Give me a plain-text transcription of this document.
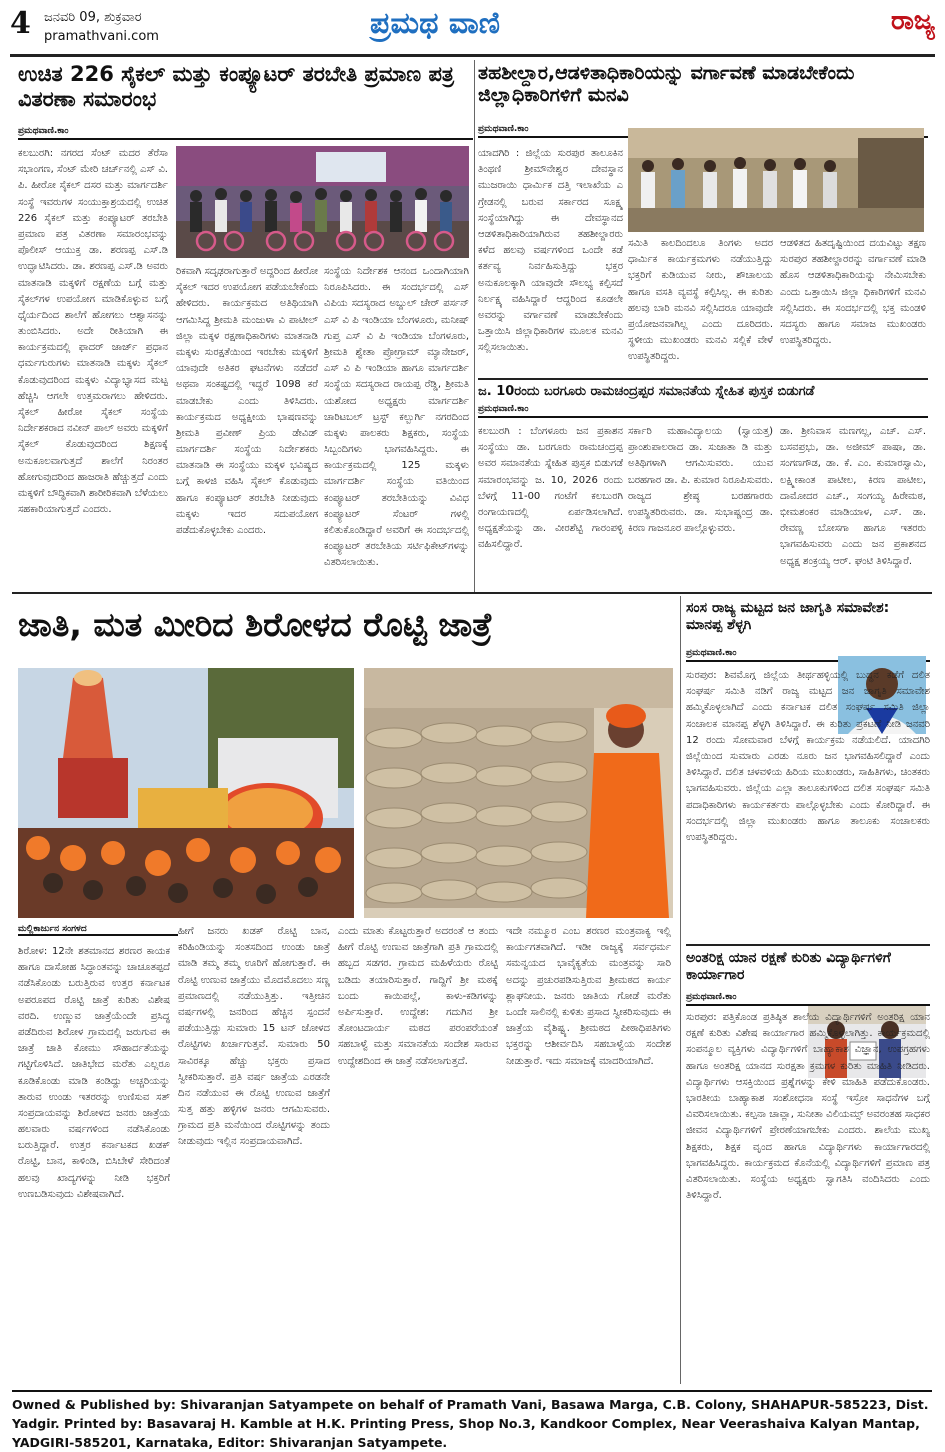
4 ಜನವರಿ 09, ಶುಕ್ರವಾರ
pramathvani.com	ಪ್ರಮಥ ವಾಣಿ	ರಾಜ್ಯ
ಉಚಿತ 226 ಸೈಕಲ್ ಮತ್ತು ಕಂಪ್ಯೂಟರ್ ತರಬೇತಿ ಪ್ರಮಾಣ ಪತ್ರ ವಿತರಣಾ ಸಮಾರಂಭ
ಪ್ರಮಥವಾಣಿ.ಕಾಂ
ಕಲಬುರಗಿ: ನಗರದ ಸೆಂಟ್ ಮದರ ತೆರೆಸಾ ಸಭಾಂಗಣ, ಸೆಂಟ್ ಮೇರಿ ಚರ್ಚ್‌ನಲ್ಲಿ ಎಸ್ ವಿ. ಪಿ. ಹೀರೋ ಸೈಕಲ್ ದಸರ ಮತ್ತು ಮಾರ್ಗದರ್ಶಿ ಸಂಸ್ಥೆ ಇವರುಗಳ ಸಂಯುಕ್ತಾಶ್ರಯದಲ್ಲಿ ಉಚಿತ 226 ಸೈಕಲ್ ಮತ್ತು ಕಂಪ್ಯೂಟರ್ ತರಬೇತಿ ಪ್ರಮಾಣ ಪತ್ರ ವಿತರಣಾ ಸಮಾರಂಭವನ್ನು ಪೊಲೀಸ್ ಆಯುಕ್ತ ಡಾ. ಶರಣಪ್ಪ ಎಸ್.ಡಿ ಉದ್ಘಾಟಿಸಿದರು. ಡಾ. ಶರಣಪ್ಪ ಎಸ್.ಡಿ ಅವರು ಮಾತನಾಡಿ ಮಕ್ಕಳಿಗೆ ರಕ್ಷಣೆಯ ಬಗ್ಗೆ ಮತ್ತು ಸೈಕಲ್‌ಗಳ ಉಪಯೋಗ ಮಾಡಿಕೊಳ್ಳುವ ಬಗ್ಗೆ ಧೈರ್ಯದಿಂದ ಶಾಲೆಗೆ ಹೋಗಲು ಆಶ್ವಾಸನನ್ನು ತುಂಬಿಸಿದರು. ಅದೇ ರೀತಿಯಾಗಿ ಈ ಕಾರ್ಯಕ್ರಮದಲ್ಲಿ ಫಾದರ್ ಜಾರ್ಜ್ ಪ್ರಧಾನ ಧರ್ಮಗುರುಗಳು ಮಾತನಾಡಿ ಮಕ್ಕಳು ಸೈಕಲ್ ಕೊಡುವುದರಿಂದ ಮಕ್ಕಳು ವಿದ್ಯಾಭ್ಯಾಸದ ಮಟ್ಟ ಹೆಚ್ಚಿಸಿ ಆಗಲೇ ಉತ್ತಮರಾಗಲು ಹೇಳಿದರು. ಸೈಕಲ್ ಹೀರೋ ಸೈಕಲ್ ಸಂಸ್ಥೆಯ ನಿರ್ದೇಶಕರಾದ ನವೀನ್ ಪಾಲ್ ಅವರು ಮಕ್ಕಳಿಗೆ ಸೈಕಲ್ ಕೊಡುವುದರಿಂದ ಶಿಕ್ಷಣಕ್ಕೆ ಅನುಕೂಲವಾಗುತ್ತದೆ ಶಾಲೆಗೆ ನಿರಂತರ ಹೋಗುವುದರಿಂದ ಹಾಜರಾತಿ ಹೆಚ್ಚುತ್ತದೆ ಎಂದು ಮಕ್ಕಳಿಗೆ ಬೌದ್ಧಿಕವಾಗಿ ಶಾರೀರಿಕವಾಗಿ ಬೆಳೆಯಲು ಸಹಕಾರಿಯಾಗುತ್ತದೆ ಎಂದರು.
ರಿಕವಾಗಿ ಸದೃಢರಾಗುತ್ತಾರೆ ಅದ್ದರಿಂದ ಹೀರೋ ಸೈಕಲ್ ಇದರ ಉಪಯೋಗ ಪಡೆಯಬೇಕೆಂದು ಹೇಳಿದರು. ಕಾರ್ಯಕ್ರಮದ ಅತಿಥಿಯಾಗಿ ಆಗಮಿಸಿದ್ದ ಶ್ರೀಮತಿ ಮಂಜುಳಾ ವಿ ಪಾಟೀಲ್ ಜಿಲ್ಲಾ ಮಕ್ಕಳ ರಕ್ಷಣಾಧಿಕಾರಿಗಳು ಮಾತನಾಡಿ ಮಕ್ಕಳು ಸುರಕ್ಷತೆಯಿಂದ ಇರಬೇಕು ಮಕ್ಕಳಿಗೆ ಯಾವುದೇ ಅತಿಕರ ಘಟನೆಗಳು ನಡೆದರೆ ಅಥವಾ ಸಂಕಷ್ಟದಲ್ಲಿ ಇದ್ದರೆ 1098 ಕರೆ ಮಾಡಬೇಕು ಎಂದು ತಿಳಿಸಿದರು. ಕಾರ್ಯಕ್ರಮದ ಅಧ್ಯಕ್ಷೀಯ ಭಾಷಣವನ್ನು ಶ್ರೀಮತಿ ಪ್ರವೀಣ್ ಪ್ರಿಯ ಡೇವಿಡ್ ಮಾರ್ಗದರ್ಶಿ ಸಂಸ್ಥೆಯ ನಿರ್ದೇಶಕರು ಮಾತನಾಡಿ ಈ ಸಂಸ್ಥೆಯು ಮಕ್ಕಳ ಭವಿಷ್ಯದ ಬಗ್ಗೆ ಕಾಳಜಿ ವಹಿಸಿ ಸೈಕಲ್ ಕೊಡುವುದು ಹಾಗೂ ಕಂಪ್ಯೂಟರ್ ತರಬೇತಿ ನೀಡುವುದು ಮಕ್ಕಳು ಇದರ ಸದುಪಯೋಗ ಪಡೆದುಕೊಳ್ಳಬೇಕು ಎಂದರು.
ಸಂಸ್ಥೆಯ ನಿರ್ದೇಶಕ ಆನಂದ ಒಂದಾಗಿಯಾಗಿ ನಿರೂಪಿಸಿದರು. ಈ ಸಂದರ್ಭದಲ್ಲಿ ಎಸ್ ವಿಪಿಯ ಸದಸ್ಯರಾದ ಅಬ್ದುಲ್ ಚೇರ್ ಪರ್ಸನ್ ಎಸ್ ವಿ ಪಿ ಇಂಡಿಯಾ ಬೆಂಗಳೂರು, ಮನೀಷ್ ಗುಪ್ತ ಎಸ್ ವಿ ಪಿ ಇಂಡಿಯಾ ಬೆಂಗಳೂರು, ಶ್ರೀಮತಿ ಶ್ವೇತಾ ಪ್ರೋಗ್ರಾಮ್ ಮ್ಯಾನೇಜರ್, ಎಸ್ ವಿ ಪಿ ಇಂಡಿಯಾ ಹಾಗೂ ಮಾರ್ಗದರ್ಶಿ ಸಂಸ್ಥೆಯ ಸದಸ್ಯರಾದ ರಾಯಪ್ಪ ರೆಡ್ಡಿ, ಶ್ರೀಮತಿ ಯಶೋದ ಅಧ್ಯಕ್ಷರು ಮಾರ್ಗದರ್ಶಿ ಚಾರಿಟಬಲ್ ಟ್ರಸ್ಟ್ ಕಲ್ಬುರ್ಗಿ ನಗರದಿಂದ ಮಕ್ಕಳು ಪಾಲಕರು ಶಿಕ್ಷಕರು, ಸಂಸ್ಥೆಯ ಸಿಬ್ಬಂದಿಗಳು ಭಾಗವಹಿಸಿದ್ದರು. ಈ ಕಾರ್ಯಕ್ರಮದಲ್ಲಿ 125 ಮಕ್ಕಳು ಮಾರ್ಗದರ್ಶಿ ಸಂಸ್ಥೆಯ ವತಿಯಿಂದ ಕಂಪ್ಯೂಟರ್ ತರಬೇತಿಯನ್ನು ವಿವಿಧ ಕಂಪ್ಯೂಟರ್ ಸೆಂಟರ್ ಗಳಲ್ಲಿ ಕಲಿತುಕೊಂಡಿದ್ದಾರೆ ಅವರಿಗೆ ಈ ಸಂದರ್ಭದಲ್ಲಿ ಕಂಪ್ಯೂಟರ್ ತರಬೇತಿಯ ಸರ್ಟಿಫಿಕೇಟ್‌ಗಳನ್ನು ವಿತರಿಸಲಾಯಿತು.
ತಹಶೀಲ್ದಾರ,ಆಡಳಿತಾಧಿಕಾರಿಯನ್ನು ವರ್ಗಾವಣೆ ಮಾಡಬೇಕೆಂದು ಜಿಲ್ಲಾಧಿಕಾರಿಗಳಿಗೆ ಮನವಿ
ಪ್ರಮಥವಾಣಿ.ಕಾಂ
ಯಾದಗಿರಿ : ಜಿಲ್ಲೆಯ ಸುರಪುರ ತಾಲೂಕಿನ ತಿಂಥಣಿ ಶ್ರೀಮೌನೇಶ್ವರ ದೇವಸ್ಥಾನ ಮುಜರಾಯಿ ಧಾರ್ಮಿಕ ದತ್ತಿ ಇಲಾಖೆಯ ಎ ಗ್ರೇಡನಲ್ಲಿ ಬರುವ ಸರ್ಕಾರದ ಸೂಕ್ಷ್ಮ ಸಂಸ್ಥೆಯಾಗಿದ್ದು ಈ ದೇವಸ್ಥಾನದ ಆಡಳಿತಾಧಿಕಾರಿಯಾಗಿರುವ ತಹಶೀಲ್ದಾರರು ಕಳೆದ ಹಲವು ವರ್ಷಗಳಿಂದ ಒಂದೇ ಕಡೆ ಕರ್ತವ್ಯ ನಿರ್ವಹಿಸುತ್ತಿದ್ದು ಭಕ್ತರ ಅನುಕೂಲಕ್ಕಾಗಿ ಯಾವುದೇ ಸೌಲಭ್ಯ ಕಲ್ಪಿಸದೆ ನಿರ್ಲಕ್ಷ್ಯ ವಹಿಸಿದ್ದಾರೆ ಆದ್ದರಿಂದ ಕೂಡಲೇ ಅವರನ್ನು ವರ್ಗಾವಣೆ ಮಾಡಬೇಕೆಂದು ಒತ್ತಾಯಿಸಿ ಜಿಲ್ಲಾಧಿಕಾರಿಗಳ ಮೂಲಕ ಮನವಿ ಸಲ್ಲಿಸಲಾಯಿತು.
ಸಮಿತಿ ಕಾಲದಿಂದಲೂ ತಿಂಗಳು ಅದರ ಧಾರ್ಮಿಕ ಕಾರ್ಯಕ್ರಮಗಳು ನಡೆಯುತ್ತಿದ್ದು ಭಕ್ತರಿಗೆ ಕುಡಿಯುವ ನೀರು, ಶೌಚಾಲಯ ಹಾಗೂ ವಸತಿ ವ್ಯವಸ್ಥೆ ಕಲ್ಪಿಸಿಲ್ಲ. ಈ ಕುರಿತು ಹಲವು ಬಾರಿ ಮನವಿ ಸಲ್ಲಿಸಿದರೂ ಯಾವುದೇ ಪ್ರಯೋಜನವಾಗಿಲ್ಲ ಎಂದು ದೂರಿದರು. ಸ್ಥಳೀಯ ಮುಖಂಡರು ಮನವಿ ಸಲ್ಲಿಕೆ ವೇಳೆ ಉಪಸ್ಥಿತರಿದ್ದರು.
ಆಡಳಿತದ ಹಿತದೃಷ್ಟಿಯಿಂದ ದಯವಿಟ್ಟು ತಕ್ಷಣ ಸುರಪುರ ತಹಶೀಲ್ದಾರರನ್ನು ವರ್ಗಾವಣೆ ಮಾಡಿ ಹೊಸ ಆಡಳಿತಾಧಿಕಾರಿಯನ್ನು ನೇಮಿಸಬೇಕು ಎಂದು ಒತ್ತಾಯಿಸಿ ಜಿಲ್ಲಾ ಧಿಕಾರಿಗಳಿಗೆ ಮನವಿ ಸಲ್ಲಿಸಿದರು. ಈ ಸಂದರ್ಭದಲ್ಲಿ ಭಕ್ತ ಮಂಡಳಿ ಸದಸ್ಯರು ಹಾಗೂ ಸಮಾಜ ಮುಖಂಡರು ಉಪಸ್ಥಿತರಿದ್ದರು.
ಜ. 10ರಂದು ಬರಗೂರು ರಾಮಚಂದ್ರಪ್ಪರ ಸಮಾನತೆಯ ಸ್ನೇಹಿತ ಪುಸ್ತಕ ಬಿಡುಗಡೆ
ಪ್ರಮಥವಾಣಿ.ಕಾಂ
ಕಲಬುರಗಿ : ಬೆಂಗಳೂರು ಜನ ಪ್ರಕಾಶನ ಸಂಸ್ಥೆಯು ಡಾ. ಬರಗೂರು ರಾಮಚಂದ್ರಪ್ಪ ಅವರ ಸಮಾನತೆಯ ಸ್ನೇಹಿತ ಪುಸ್ತಕ ಬಿಡುಗಡೆ ಸಮಾರಂಭವನ್ನು ಜ. 10, 2026 ರಂದು ಬೆಳಗ್ಗೆ 11-00 ಗಂಟೆಗೆ ಕಲಬುರಗಿ ರಂಗಾಯಣದಲ್ಲಿ ಏರ್ಪಡಿಸಲಾಗಿದೆ. ಅಧ್ಯಕ್ಷತೆಯನ್ನು ಡಾ. ವೀರಶೆಟ್ಟಿ ಗಾರಂಪಳ್ಳಿ ವಹಿಸಲಿದ್ದಾರೆ.
ಸರ್ಕಾರಿ ಮಹಾವಿದ್ಯಾಲಯ (ಸ್ವಾಯತ್ತ) ಪ್ರಾಂಶುಪಾಲರಾದ ಡಾ. ಸುಜಾತಾ ಡಿ ಮತ್ತು ಅತಿಥಿಗಳಾಗಿ ಆಗಮಿಸುವರು. ಯುವ ಬರಹಗಾರ ಡಾ. ಪಿ. ಕುಮಾರ ನಿರೂಪಿಸುವರು. ರಾಜ್ಯದ ಶ್ರೇಷ್ಠ ಬರಹಗಾರರು ಉಪಸ್ಥಿತರಿರುವರು. ಡಾ. ಸುಭಾಷ್ಚಂದ್ರ ಡಾ. ಕಿರಣ ಗಾಜನೂರ ಪಾಲ್ಗೊಳ್ಳುವರು.
ಡಾ. ಶ್ರೀನಿವಾಸ ಮಣಗಲ್ಲ, ಎಚ್. ಎಸ್. ಬಸವಪ್ರಭು, ಡಾ. ಅಜೀಮ್ ಪಾಷಾ, ಡಾ. ಸಂಗಣಗೌಡ, ಡಾ. ಕೆ. ಎಂ. ಕುಮಾರಸ್ವಾಮಿ, ಲಕ್ಷ್ಮೀಕಾಂತ ಪಾಟೀಲ, ಕಿರಣ ಪಾಟೀಲ, ದಾಮೋದರ ಎಚ್., ಸಂಗಯ್ಯ ಹಿರೇಮಠ, ಭೀಮಶಂಕರ ಮಾಡಿಯಾಳ, ಎಸ್. ಡಾ. ರೇವಣ್ಣ ಬೋಸಗಾ ಹಾಗೂ ಇತರರು ಭಾಗವಹಿಸುವರು ಎಂದು ಜನ ಪ್ರಕಾಶನದ ಅಧ್ಯಕ್ಷ ಶಂಕ್ರಯ್ಯ ಆರ್. ಘಂಟಿ ತಿಳಿಸಿದ್ದಾರೆ.
ಜಾತಿ, ಮತ ಮೀರಿದ ಶಿರೋಳದ ರೊಟ್ಟಿ ಜಾತ್ರೆ
ಮಲ್ಲಿಕಾರ್ಜುನ ಸಂಗಳದ
ಶಿರೋಳ: 12ನೇ ಶತಮಾನದ ಶರಣರ ಕಾಯಕ ಹಾಗೂ ದಾಸೋಹ ಸಿದ್ಧಾಂತವನ್ನು ಚಾಚೂತಪ್ಪದೆ ನಡೆಸಿಕೊಂಡು ಬರುತ್ತಿರುವ ಉತ್ತರ ಕರ್ನಾಟಕ ಅಪರೂಪದ ರೊಟ್ಟಿ ಜಾತ್ರೆ ಕುರಿತು ವಿಶೇಷ ವರದಿ. ಉಣ್ಣುವ ಜಾತ್ರೆಯೆಂದೇ ಪ್ರಸಿದ್ಧ ಪಡೆದಿರುವ ಶಿರೋಳ ಗ್ರಾಮದಲ್ಲಿ ಜರುಗುವ ಈ ಜಾತ್ರೆ ಜಾತಿ ಕೋಮು ಸೌಹಾರ್ದತೆಯನ್ನು ಗಟ್ಟಿಗೊಳಿಸಿದೆ. ಜಾತಿಭೇದ ಮರೆತು ಎಲ್ಲರೂ ಕೂಡಿಕೊಂಡು ಮಾಡಿ ಕಂಡಿದ್ದು ಅಚ್ಚರಿಯನ್ನು ತಾರುವ ಉಂಡು ಇತರರನ್ನು ಉಣಿಸುವ ಸತ್ ಸಂಪ್ರದಾಯವನ್ನು ಶಿರೋಳದ ಜನರು ಜಾತ್ರೆಯ ಹಲವಾರು ವರ್ಷಗಳಿಂದ ನಡೆಸಿಕೊಂಡು ಬರುತ್ತಿದ್ದಾರೆ. ಉತ್ತರ ಕರ್ನಾಟಕದ ಖಡಕ್ ರೊಟ್ಟಿ, ಬಾನ, ಕಾಳಿಂಡಿ, ಬಿಸಿಬೇಳೆ ಸೇರಿದಂತೆ ಹಲವು ಖಾದ್ಯಗಳನ್ನು ನೀಡಿ ಭಕ್ತರಿಗೆ ಉಣಬಡಿಸುವುದು ವಿಶೇಷವಾಗಿದೆ.
ಹೀಗೆ ಜನರು ಖಡಕ್ ರೊಟ್ಟಿ ಬಾನ, ಕರಿಹಿಂಡಿಯನ್ನು ಸಂತಸದಿಂದ ಉಂಡು ಜಾತ್ರೆ ಮಾಡಿ ತಮ್ಮ ತಮ್ಮ ಊರಿಗೆ ಹೋಗುತ್ತಾರೆ. ಈ ರೊಟ್ಟಿ ಉಣುವ ಜಾತ್ರೆಯು ಮೊದಮೊದಲು ಸಣ್ಣ ಪ್ರಮಾಣದಲ್ಲಿ ನಡೆಯುತ್ತಿತ್ತು. ಇತ್ತೀಚಿನ ವರ್ಷಗಳಲ್ಲಿ ಜನರಿಂದ ಹೆಚ್ಚಿನ ಸ್ಪಂದನೆ ಪಡೆಯುತ್ತಿದ್ದು ಸುಮಾರು 15 ಟನ್ ಜೋಳದ ರೊಟ್ಟಿಗಳು ಖರ್ಚಾಗುತ್ತವೆ. ಸುಮಾರು 50 ಸಾವಿರಕ್ಕೂ ಹೆಚ್ಚು ಭಕ್ತರು ಪ್ರಸಾದ ಸ್ವೀಕರಿಸುತ್ತಾರೆ. ಪ್ರತಿ ವರ್ಷ ಜಾತ್ರೆಯ ಎರಡನೇ ದಿನ ನಡೆಯುವ ಈ ರೊಟ್ಟಿ ಉಣುವ ಜಾತ್ರೆಗೆ ಸುತ್ತ ಹತ್ತು ಹಳ್ಳಿಗಳ ಜನರು ಆಗಮಿಸುವರು. ಗ್ರಾಮದ ಪ್ರತಿ ಮನೆಯಿಂದ ರೊಟ್ಟಿಗಳನ್ನು ತಂದು ನೀಡುವುದು ಇಲ್ಲಿನ ಸಂಪ್ರದಾಯವಾಗಿದೆ.
ಎಂದು ಮಾತು ಕೊಟ್ಟರುತ್ತಾರೆ ಅದರಂತೆ ಆ ತಂದು ಹೀಗೆ ರೊಟ್ಟಿ ಉಣುವ ಜಾತ್ರೆಗಾಗಿ ಪ್ರತಿ ಗ್ರಾಮದಲ್ಲಿ ಹಬ್ಬದ ಸಡಗರ. ಗ್ರಾಮದ ಮಹಿಳೆಯರು ರೊಟ್ಟಿ ಬಡಿದು ತಯಾರಿಸುತ್ತಾರೆ. ಗಾದ್ದಿಗೆ ಶ್ರೀ ಮಠಕ್ಕೆ ಬಂದು ಕಾಯಿಪಲ್ಲೆ, ಕಾಳು-ಕಡಿಗಳನ್ನು ಅರ್ಪಿಸುತ್ತಾರೆ. ಉದ್ದೇಶ: ಗದುಗಿನ ಶ್ರೀ ತೋಂಟದಾರ್ಯ ಮಠದ ಪರಂಪರೆಯಂತೆ ಸಹಬಾಳ್ವೆ ಮತ್ತು ಸಮಾನತೆಯ ಸಂದೇಶ ಸಾರುವ ಉದ್ದೇಶದಿಂದ ಈ ಜಾತ್ರೆ ನಡೆಸಲಾಗುತ್ತದೆ.
ಇದೇ ನಮ್ಮೂರ ಎಂಬ ಶರಣರ ಮಂತ್ರವಾಕ್ಯ ಇಲ್ಲಿ ಕಾರ್ಯಗತವಾಗಿದೆ. ಇಡೀ ರಾಜ್ಯಕ್ಕೆ ಸರ್ವಧರ್ಮ ಸಮನ್ವಯದ ಭಾವೈಕ್ಯತೆಯ ಮಂತ್ರವನ್ನು ಸಾರಿ ಅದನ್ನು ಪ್ರಚುರಪಡಿಸುತ್ತಿರುವ ಶ್ರೀಮಠದ ಕಾರ್ಯ ಶ್ಲಾಘನೀಯ. ಜನರು ಜಾತಿಯ ಗೋಡೆ ಮರೆತು ಒಂದೇ ಸಾಲಿನಲ್ಲಿ ಕುಳಿತು ಪ್ರಸಾದ ಸ್ವೀಕರಿಸುವುದು ಈ ಜಾತ್ರೆಯ ವೈಶಿಷ್ಟ್ಯ. ಶ್ರೀಮಠದ ಪೀಠಾಧಿಪತಿಗಳು ಭಕ್ತರನ್ನು ಆಶೀರ್ವದಿಸಿ ಸಹಬಾಳ್ವೆಯ ಸಂದೇಶ ನೀಡುತ್ತಾರೆ. ಇದು ಸಮಾಜಕ್ಕೆ ಮಾದರಿಯಾಗಿದೆ.
ಸಂಸ ರಾಜ್ಯ ಮಟ್ಟದ ಜನ ಜಾಗೃತಿ ಸಮಾವೇಶ: ಮಾನಪ್ಪ ಶೆಳ್ಳಗಿ
ಪ್ರಮಥವಾಣಿ.ಕಾಂ
ಸುರಪುರ: ಶಿವಮೊಗ್ಗ ಜಿಲ್ಲೆಯ ತೀರ್ಥಹಳ್ಳಿಯಲ್ಲಿ ಬುದ್ಧನ ಕಡೆಗೆ ದಲಿತ ಸಂಘರ್ಷ ಸಮಿತಿ ನಡಿಗೆ ರಾಜ್ಯ ಮಟ್ಟದ ಜನ ಜಾಗೃತಿ ಸಮಾವೇಶ ಹಮ್ಮಿಕೊಳ್ಳಲಾಗಿದೆ ಎಂದು ಕರ್ನಾಟಕ ದಲಿತ ಸಂಘರ್ಷ ಸಮಿತಿ ಜಿಲ್ಲಾ ಸಂಚಾಲಕ ಮಾನಪ್ಪ ಶೆಳ್ಳಗಿ ತಿಳಿಸಿದ್ದಾರೆ. ಈ ಕುರಿತು ಪ್ರಕಟಣೆ ನೀಡಿ ಜನವರಿ 12 ರಂದು ಸೋಮವಾರ ಬೆಳಗ್ಗೆ ಕಾರ್ಯಕ್ರಮ ನಡೆಯಲಿದೆ. ಯಾದಗಿರಿ ಜಿಲ್ಲೆಯಿಂದ ಸುಮಾರು ಎರಡು ನೂರು ಜನ ಭಾಗವಹಿಸಲಿದ್ದಾರೆ ಎಂದು ತಿಳಿಸಿದ್ದಾರೆ. ದಲಿತ ಚಳವಳಿಯ ಹಿರಿಯ ಮುಖಂಡರು, ಸಾಹಿತಿಗಳು, ಚಿಂತಕರು ಭಾಗವಹಿಸುವರು. ಜಿಲ್ಲೆಯ ಎಲ್ಲಾ ತಾಲೂಕುಗಳಿಂದ ದಲಿತ ಸಂಘರ್ಷ ಸಮಿತಿ ಪದಾಧಿಕಾರಿಗಳು ಕಾರ್ಯಕರ್ತರು ಪಾಲ್ಗೊಳ್ಳಬೇಕು ಎಂದು ಕೋರಿದ್ದಾರೆ. ಈ ಸಂದರ್ಭದಲ್ಲಿ ಜಿಲ್ಲಾ ಮುಖಂಡರು ಹಾಗೂ ತಾಲೂಕು ಸಂಚಾಲಕರು ಉಪಸ್ಥಿತರಿದ್ದರು.
ಅಂತರಿಕ್ಷ ಯಾನ ರಕ್ಷಣೆ ಕುರಿತು ವಿದ್ಯಾರ್ಥಿಗಳಿಗೆ ಕಾರ್ಯಾಗಾರ
ಪ್ರಮಥವಾಣಿ.ಕಾಂ
ಸುರಪುರ: ಪತ್ತಿಕೊಂಡ ಪ್ರತಿಷ್ಠಿತ ಶಾಲೆಯ ವಿದ್ಯಾರ್ಥಿಗಳಿಗೆ ಅಂತರಿಕ್ಷ ಯಾನ ರಕ್ಷಣೆ ಕುರಿತು ವಿಶೇಷ ಕಾರ್ಯಾಗಾರ ಹಮ್ಮಿಕೊಳ್ಳಲಾಗಿತ್ತು. ಕಾರ್ಯಕ್ರಮದಲ್ಲಿ ಸಂಪನ್ಮೂಲ ವ್ಯಕ್ತಿಗಳು ವಿದ್ಯಾರ್ಥಿಗಳಿಗೆ ಬಾಹ್ಯಾಕಾಶ ವಿಜ್ಞಾನ, ಉಪಗ್ರಹಗಳು ಹಾಗೂ ಅಂತರಿಕ್ಷ ಯಾನದ ಸುರಕ್ಷತಾ ಕ್ರಮಗಳ ಕುರಿತು ಮಾಹಿತಿ ನೀಡಿದರು. ವಿದ್ಯಾರ್ಥಿಗಳು ಆಸಕ್ತಿಯಿಂದ ಪ್ರಶ್ನೆಗಳನ್ನು ಕೇಳಿ ಮಾಹಿತಿ ಪಡೆದುಕೊಂಡರು. ಭಾರತೀಯ ಬಾಹ್ಯಾಕಾಶ ಸಂಶೋಧನಾ ಸಂಸ್ಥೆ ಇಸ್ರೋ ಸಾಧನೆಗಳ ಬಗ್ಗೆ ವಿವರಿಸಲಾಯಿತು. ಕಲ್ಪನಾ ಚಾವ್ಲಾ, ಸುನೀತಾ ವಿಲಿಯಮ್ಸ್ ಅವರಂತಹ ಸಾಧಕರ ಜೀವನ ವಿದ್ಯಾರ್ಥಿಗಳಿಗೆ ಪ್ರೇರಣೆಯಾಗಬೇಕು ಎಂದರು. ಶಾಲೆಯ ಮುಖ್ಯ ಶಿಕ್ಷಕರು, ಶಿಕ್ಷಕ ವೃಂದ ಹಾಗೂ ವಿದ್ಯಾರ್ಥಿಗಳು ಕಾರ್ಯಾಗಾರದಲ್ಲಿ ಭಾಗವಹಿಸಿದ್ದರು. ಕಾರ್ಯಕ್ರಮದ ಕೊನೆಯಲ್ಲಿ ವಿದ್ಯಾರ್ಥಿಗಳಿಗೆ ಪ್ರಮಾಣ ಪತ್ರ ವಿತರಿಸಲಾಯಿತು. ಸಂಸ್ಥೆಯ ಅಧ್ಯಕ್ಷರು ಸ್ವಾಗತಿಸಿ ವಂದಿಸಿದರು ಎಂದು ತಿಳಿಸಿದ್ದಾರೆ.
Owned & Published by: Shivaranjan Satyampete on behalf of Pramath Vani, Basawa Marga, C.B. Colony, SHAHAPUR-585223, Dist. Yadgir. Printed by: Basavaraj H. Kamble at H.K. Printing Press, Shop No.3, Kandkoor Complex, Near Veerashaiva Kalyan Mantap, YADGIRI-585201, Karnataka, Editor: Shivaranjan Satyampete.
